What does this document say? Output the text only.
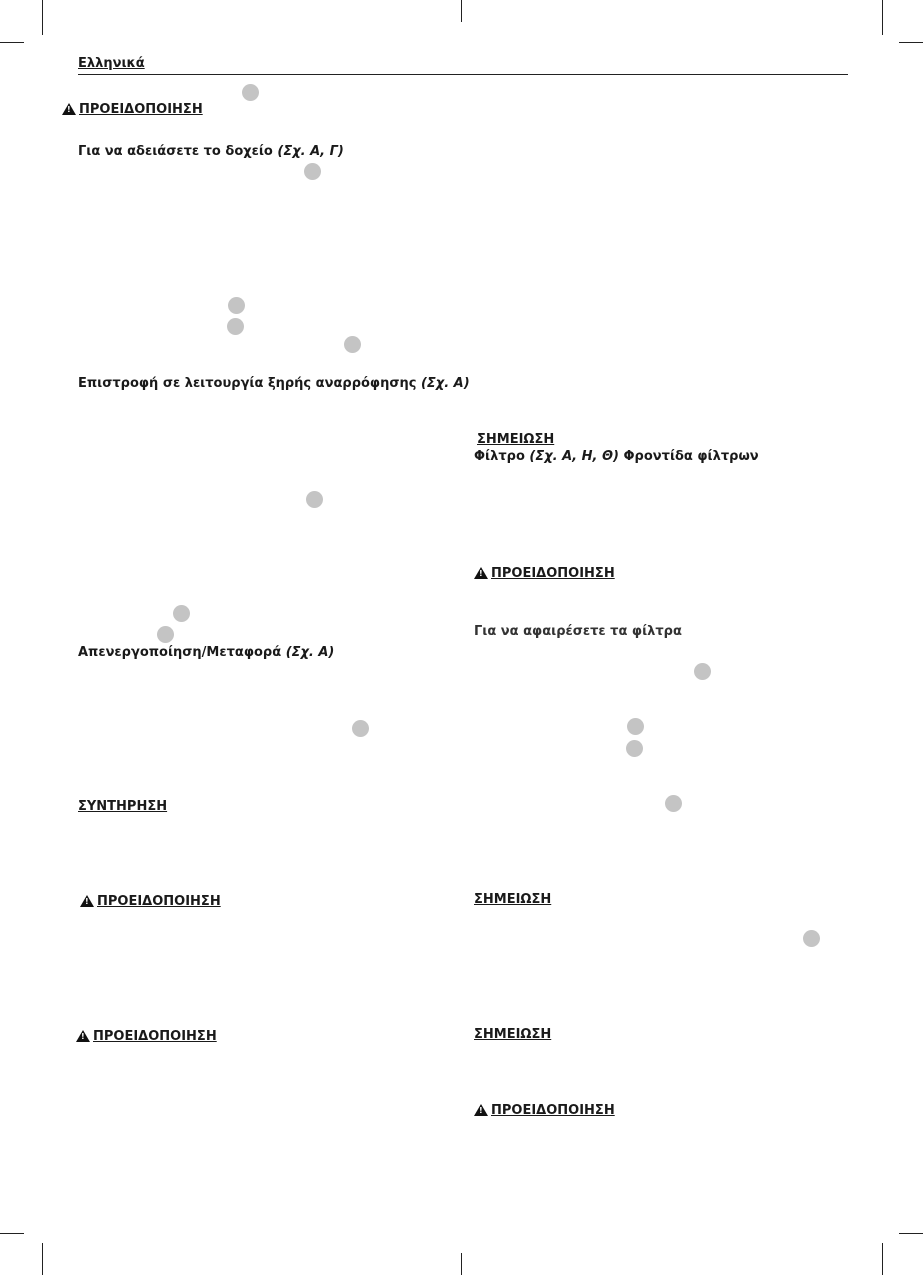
Ελληνικά
!
ΠΡΟΕΙΔΟΠΟΙΗΣΗ
Για να αδειάσετε το δοχείο (Σχ. Α, Γ)
Επιστροφή σε λειτουργία ξηρής αναρρόφησης (Σχ. Α)
Απενεργοποίηση/Μεταφορά (Σχ. Α)
ΣΥΝΤΗΡΗΣΗ
!
ΠΡΟΕΙΔΟΠΟΙΗΣΗ
!
ΠΡΟΕΙΔΟΠΟΙΗΣΗ
ΣΗΜΕΙΩΣΗ
Φίλτρο (Σχ. Α, Η, Θ) Φροντίδα φίλτρων
!
ΠΡΟΕΙΔΟΠΟΙΗΣΗ
Για να αφαιρέσετε τα φίλτρα
ΣΗΜΕΙΩΣΗ
ΣΗΜΕΙΩΣΗ
!
ΠΡΟΕΙΔΟΠΟΙΗΣΗ
